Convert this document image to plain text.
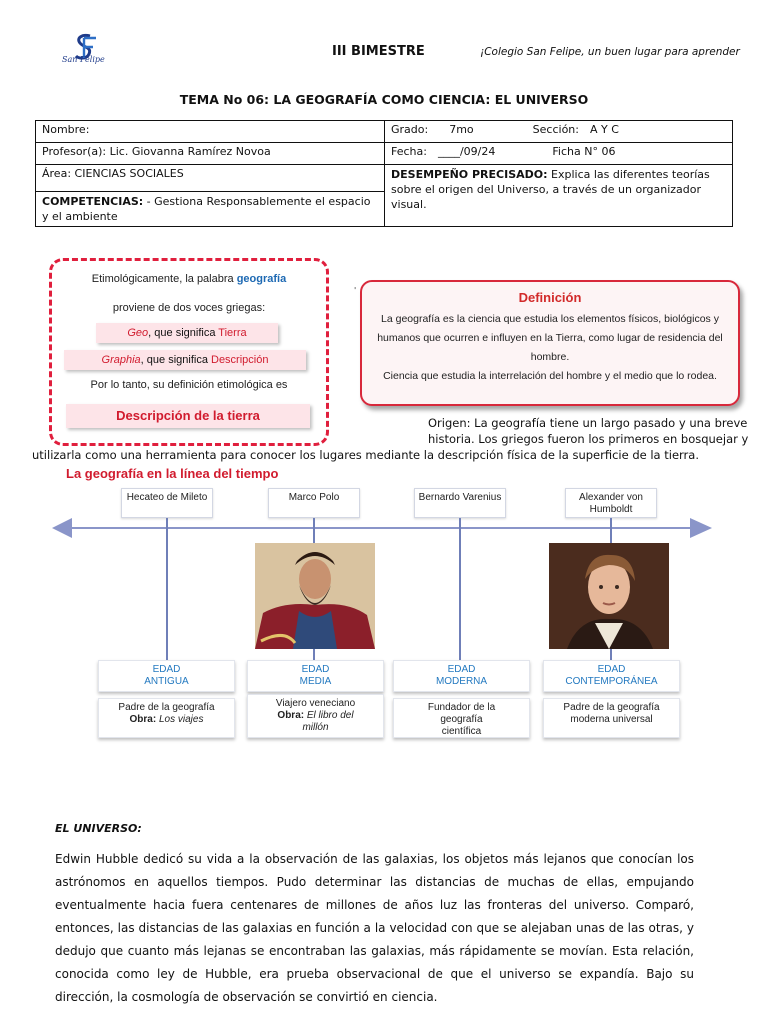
San Felipe
III BIMESTRE	¡Colegio San Felipe, un buen lugar para aprender
TEMA No 06: LA GEOGRAFÍA COMO CIENCIA: EL UNIVERSO
Nombre:	Grado: 7mo Sección: A Y C
Profesor(a): Lic. Giovanna Ramírez Novoa	Fecha: ____/09/24 Ficha N° 06
Área: CIENCIAS SOCIALES	DESEMPEÑO PRECISADO: Explica las diferentes teorías sobre el origen del Universo, a través de un organizador visual.
COMPETENCIAS: - Gestiona Responsablemente el espacio y el ambiente	
Etimológicamente, la palabra geografía
proviene de dos voces griegas:
Geo, que significa Tierra
Graphia, que significa Descripción
Por lo tanto, su definición etimológica es
Descripción de la tierra
'	Definición
La geografía es la ciencia que estudia los elementos físicos, biológicos y humanos que ocurren e influyen en la Tierra, como lugar de residencia del hombre.
Ciencia que estudia la interrelación del hombre y el medio que lo rodea.
Origen: La geografía tiene un largo pasado y una breve
historia. Los griegos fueron los primeros en bosquejar y
utilizarla como una herramienta para conocer los lugares mediante la descripción física de la superficie de la tierra.
La geografía en la línea del tiempo
Hecateo de Mileto	Marco Polo	Bernardo Varenius	Alexander von Humboldt
EDAD ANTIGUA
EDAD MEDIA
EDAD MODERNA
EDAD CONTEMPORÁNEA
Padre de la geografía
Obra: Los viajes
Viajero veneciano
Obra: El libro del millón
Fundador de la geografía científica
Padre de la geografía moderna universal
EL UNIVERSO:
Edwin Hubble dedicó su vida a la observación de las galaxias, los objetos más lejanos que conocían los astrónomos en aquellos tiempos. Pudo determinar las distancias de muchas de ellas, empujando eventualmente hacia fuera centenares de millones de años luz las fronteras del universo. Comparó, entonces, las distancias de las galaxias en función a la velocidad con que se alejaban unas de las otras, y dedujo que cuanto más lejanas se encontraban las galaxias, más rápidamente se movían. Esta relación, conocida como ley de Hubble, era prueba observacional de que el universo se expandía. Bajo su dirección, la cosmología de observación se convirtió en ciencia.
